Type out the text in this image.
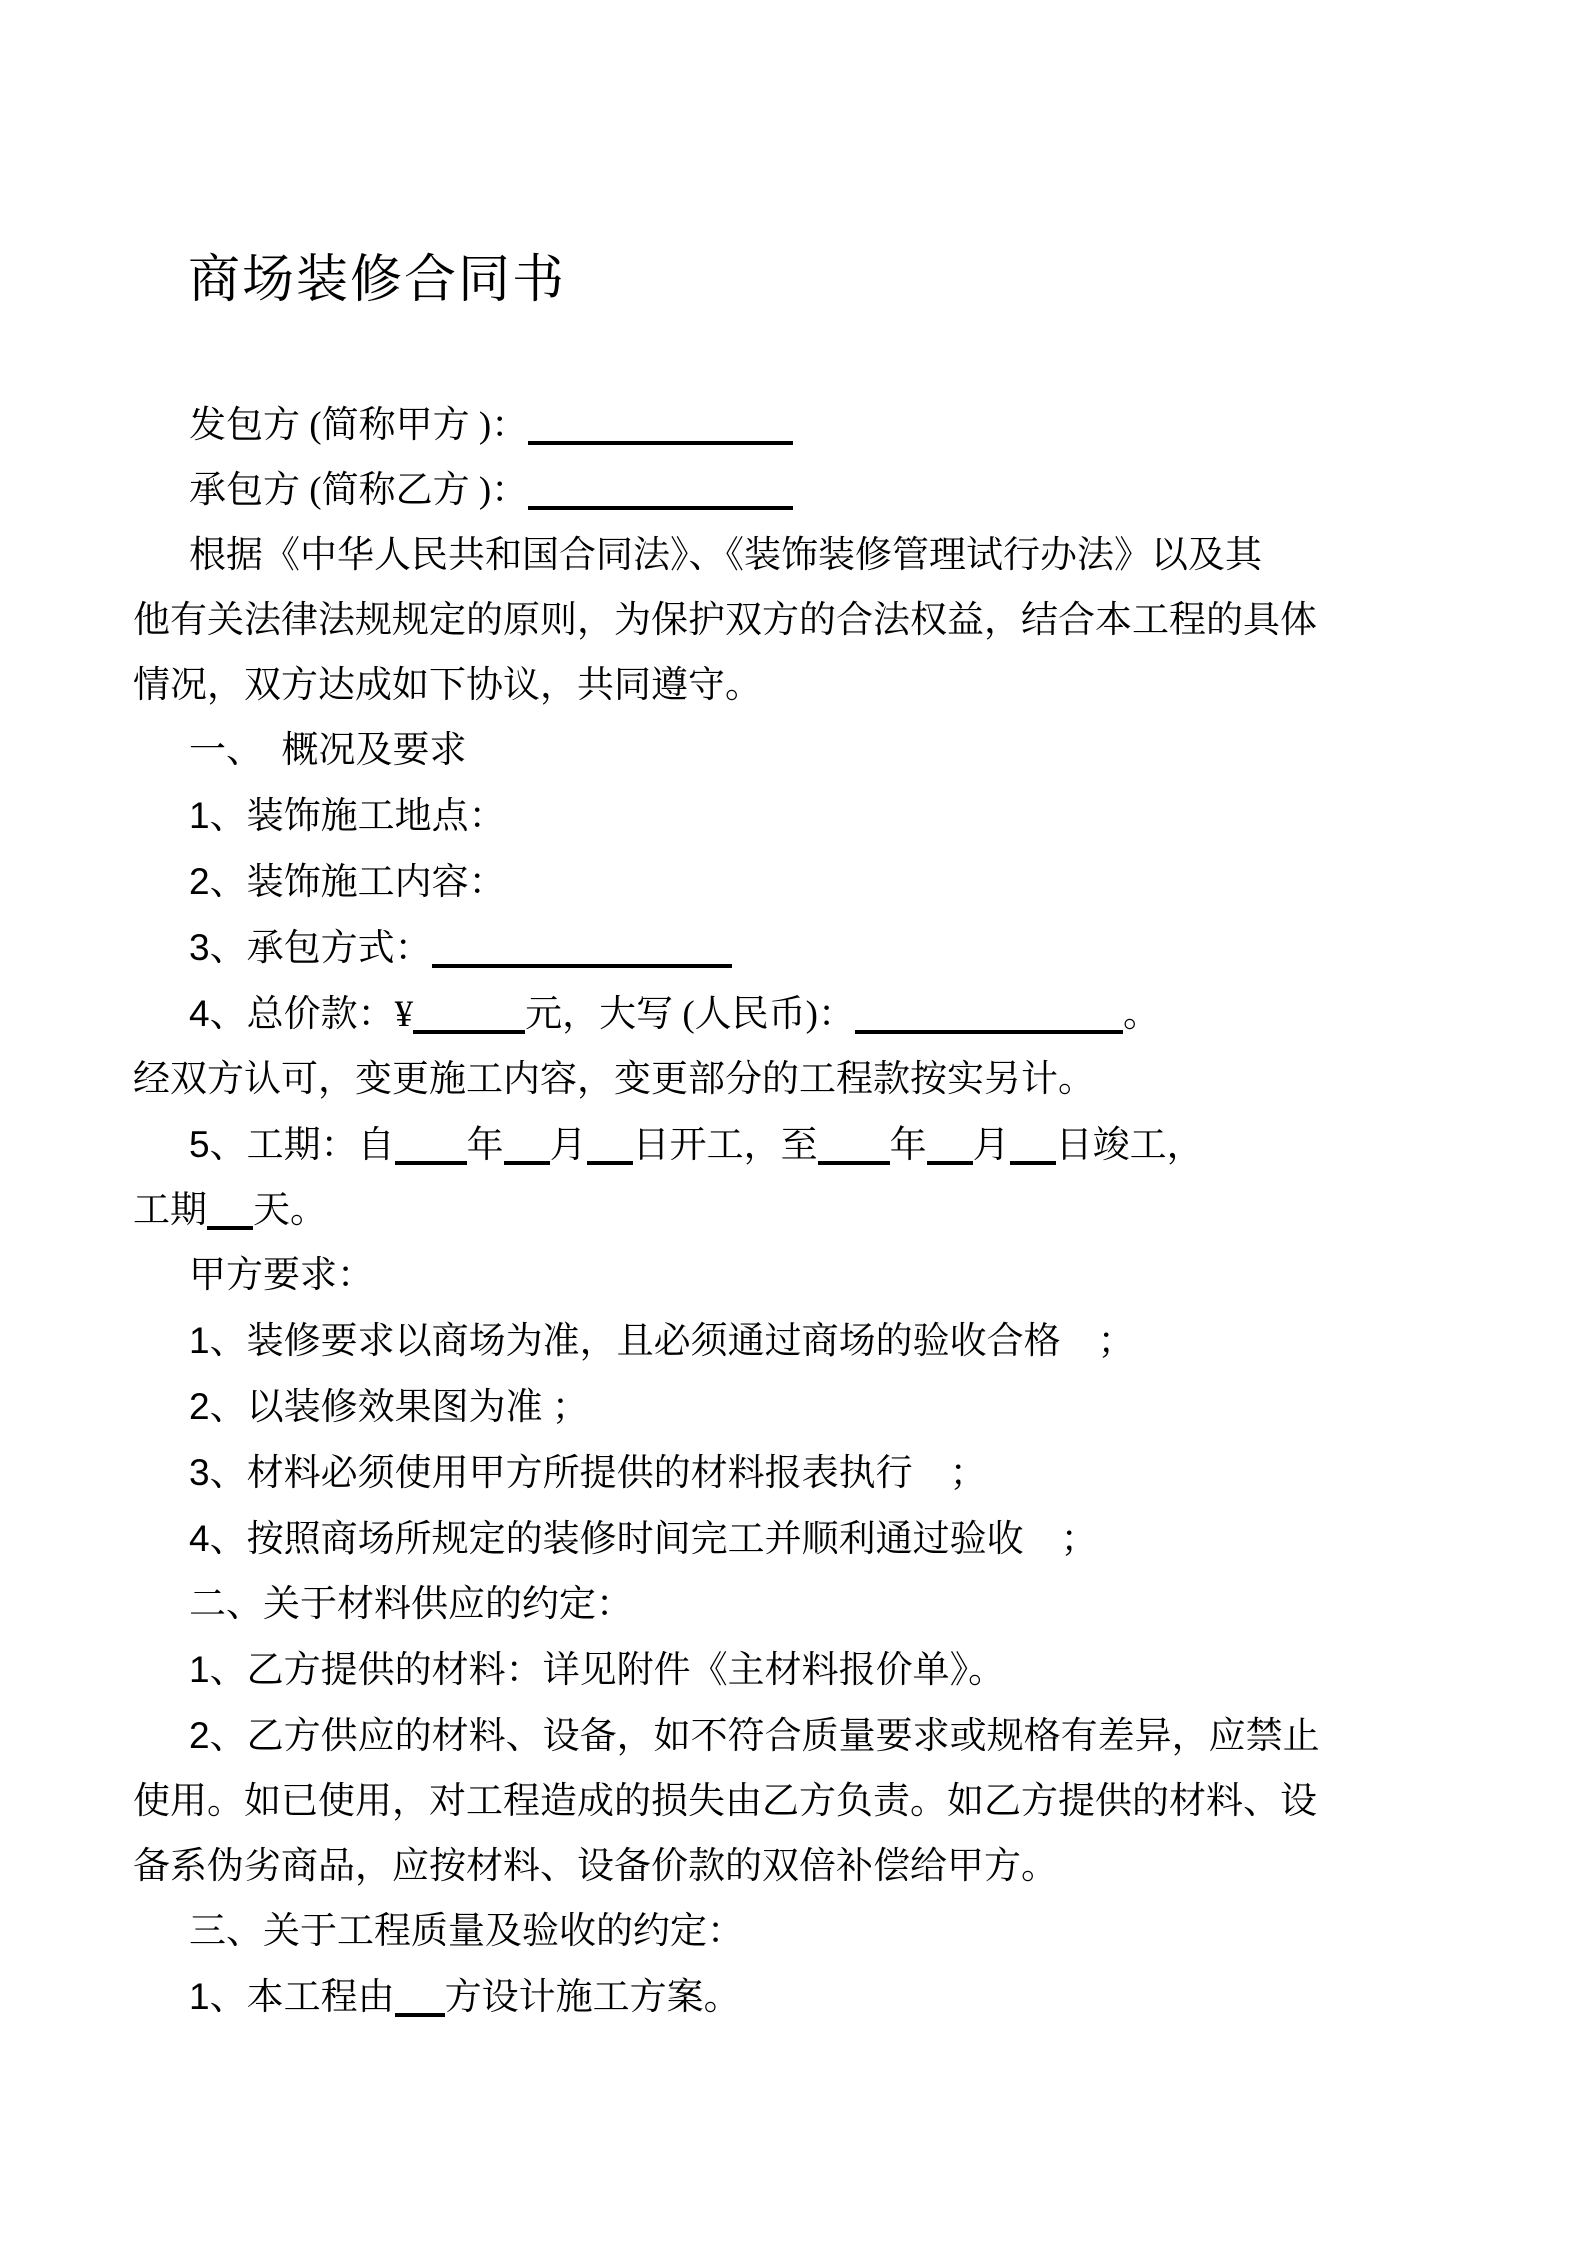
商场装修合同书
发包方 (简称甲方 )：
承包方 (简称乙方 )：
根据《中华人民共和国合同法》、《装饰装修管理试行办法》以及其
他有关法律法规规定的原则，为保护双方的合法权益，结合本工程的具体
情况，双方达成如下协议，共同遵守。
一、　概况及要求
1、装饰施工地点：
2、装饰施工内容：
3、承包方式：
4、总价款：¥	元，大写 (人民币)：	。
经双方认可，变更施工内容，变更部分的工程款按实另计。
5、工期：自 年 月 日开工，至 年 月 日竣工，
工期 天。
甲方要求：
1、装修要求以商场为准，且必须通过商场的验收合格　；
2、以装修效果图为准 ；
3、材料必须使用甲方所提供的材料报表执行　；
4、按照商场所规定的装修时间完工并顺利通过验收　；
二、关于材料供应的约定：
1、乙方提供的材料：详见附件《主材料报价单》。
2、乙方供应的材料、设备，如不符合质量要求或规格有差异，应禁止
使用。如已使用，对工程造成的损失由乙方负责。如乙方提供的材料、设
备系伪劣商品，应按材料、设备价款的双倍补偿给甲方。
三、关于工程质量及验收的约定：
1、本工程由 方设计施工方案。
